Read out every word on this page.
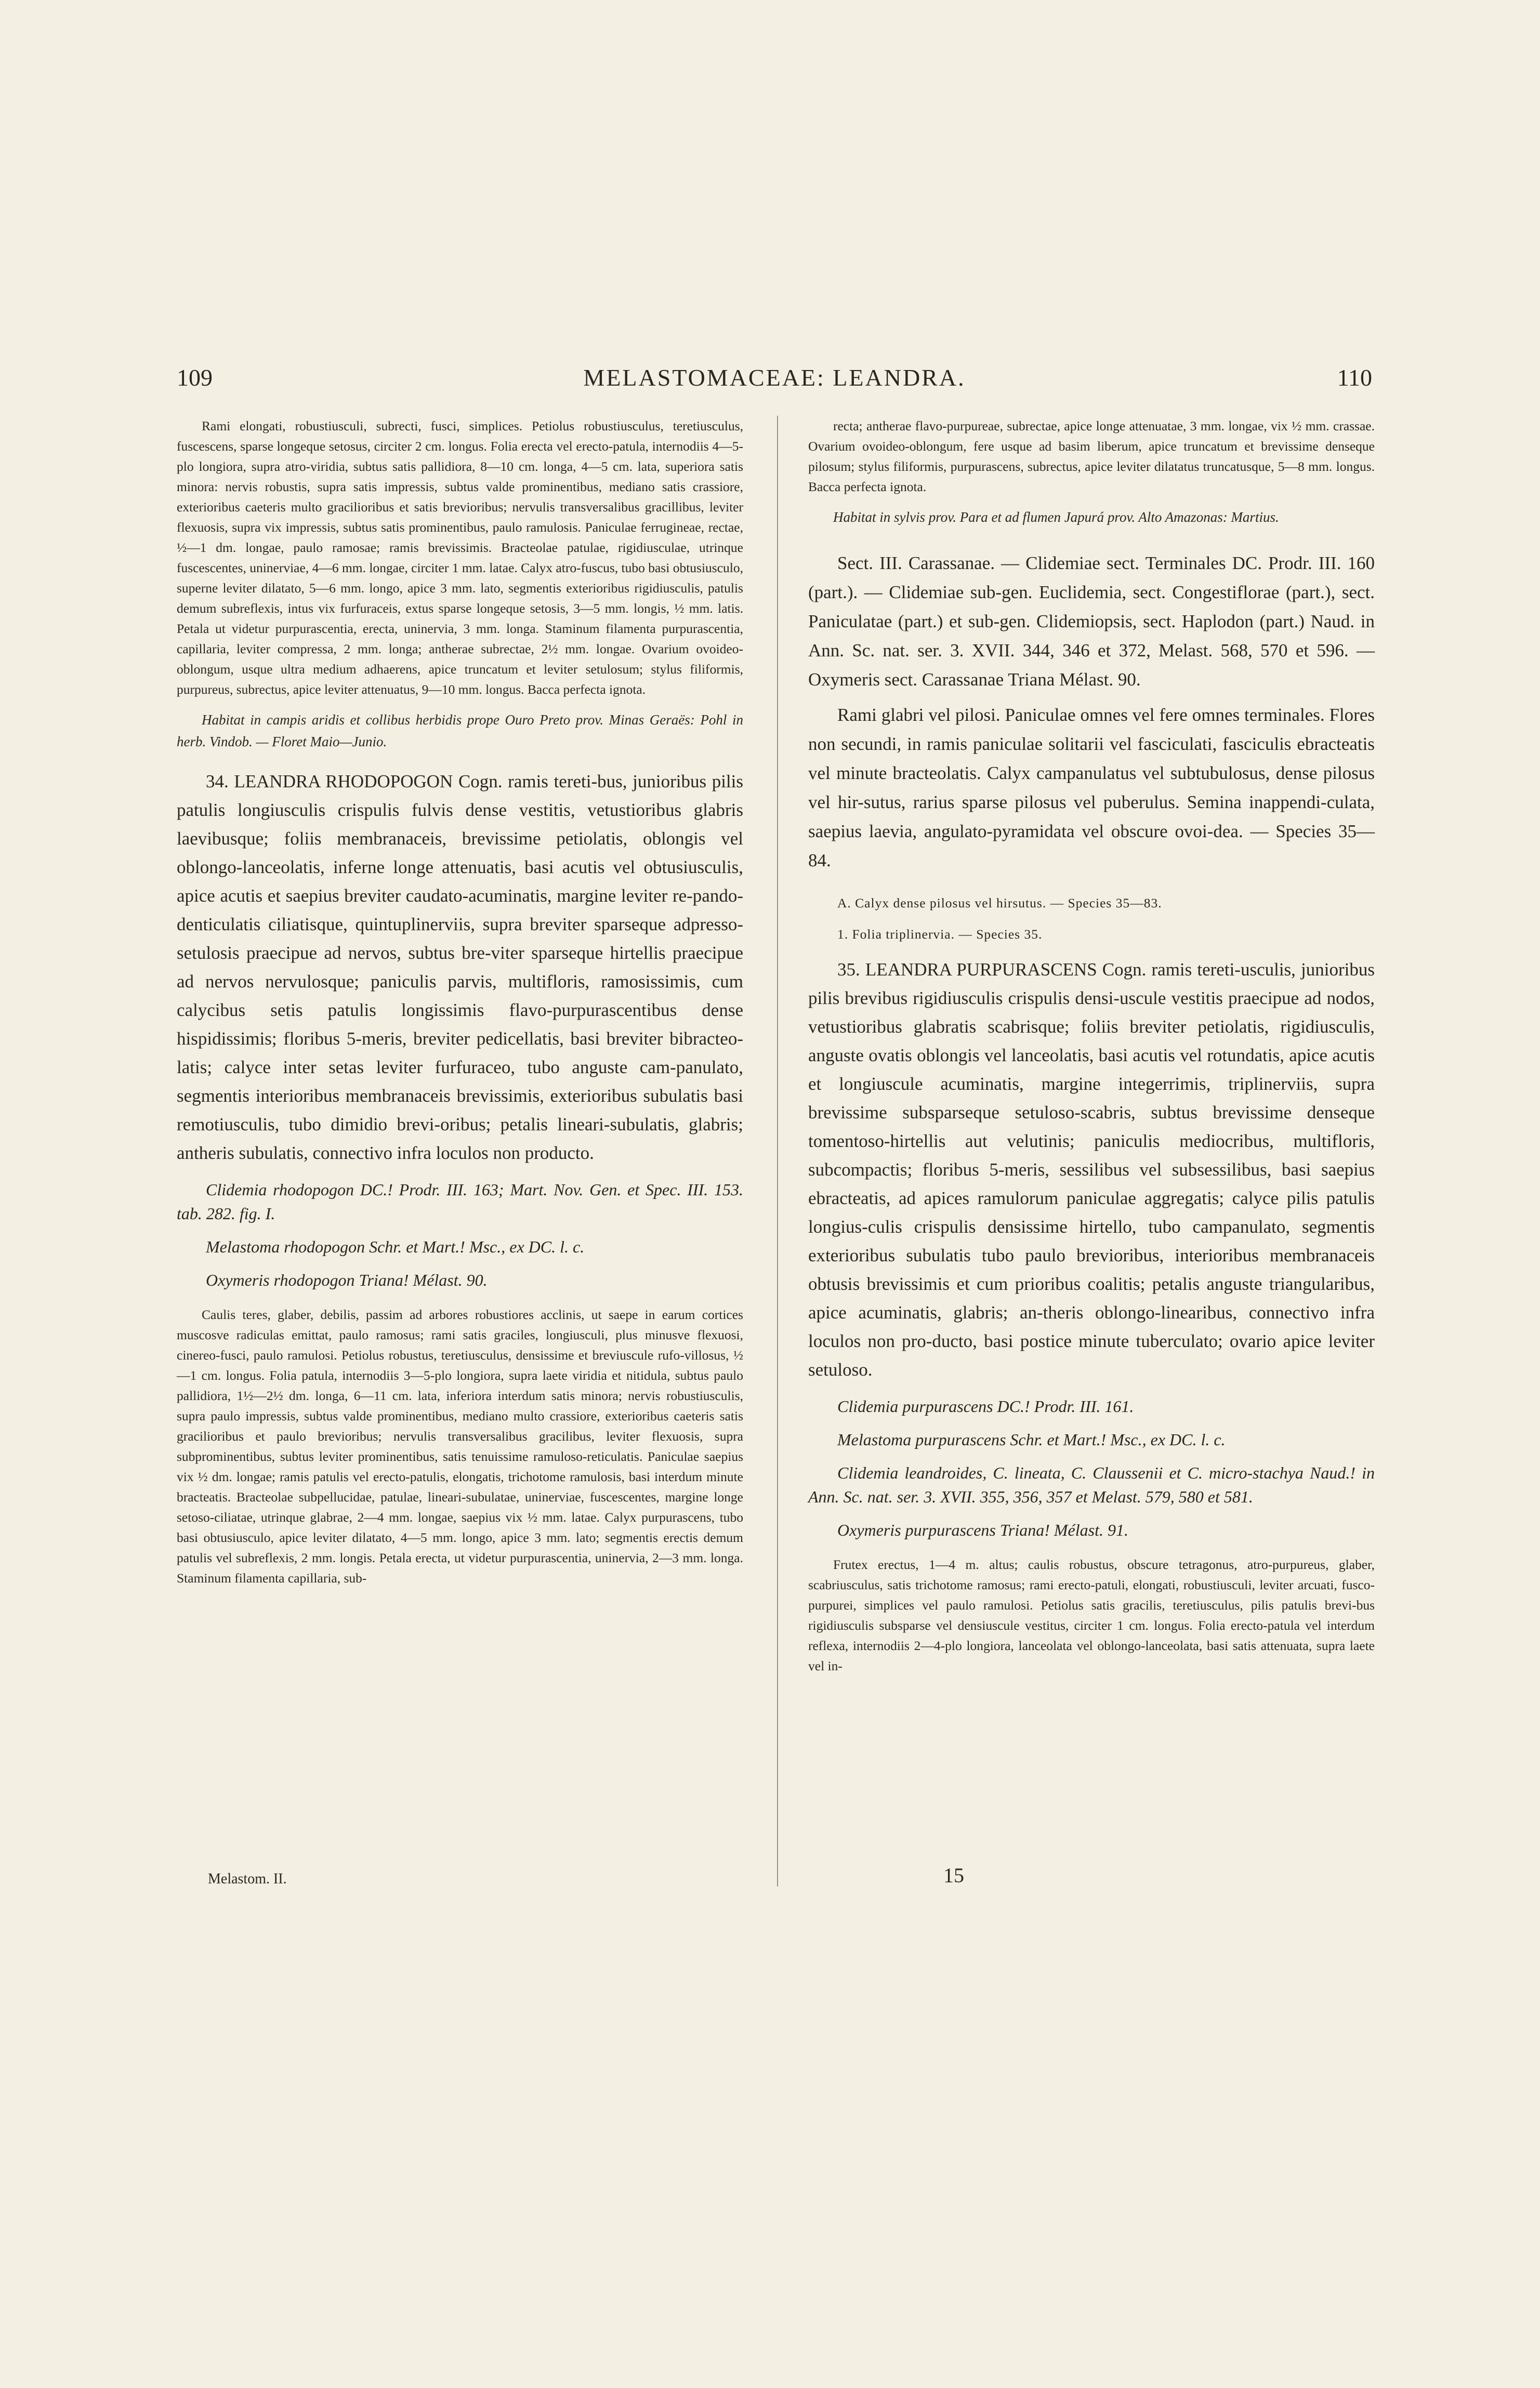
109	MELASTOMACEAE: LEANDRA.	110

Rami elongati, robustiusculi, subrecti, fusci, simplices. Petiolus robustiusculus, teretiusculus, fuscescens, sparse longeque setosus, circiter 2 cm. longus. Folia erecta vel erecto-patula, internodiis 4—5-plo longiora, supra atro-viridia, subtus satis pallidiora, 8—10 cm. longa, 4—5 cm. lata, superiora satis minora: nervis robustis, supra satis impressis, subtus valde prominentibus, mediano satis crassiore, exterioribus caeteris multo gracilioribus et satis brevioribus; nervulis transversalibus gracillibus, leviter flexuosis, supra vix impressis, subtus satis prominentibus, paulo ramulosis. Paniculae ferrugineae, rectae, ½—1 dm. longae, paulo ramosae; ramis brevissimis. Bracteolae patulae, rigidiusculae, utrinque fuscescentes, uninerviae, 4—6 mm. longae, circiter 1 mm. latae. Calyx atro-fuscus, tubo basi obtusiusculo, superne leviter dilatato, 5—6 mm. longo, apice 3 mm. lato, segmentis exterioribus rigidiusculis, patulis demum subreflexis, intus vix furfuraceis, extus sparse longeque setosis, 3—5 mm. longis, ½ mm. latis. Petala ut videtur purpurascentia, erecta, uninervia, 3 mm. longa. Staminum filamenta purpurascentia, capillaria, leviter compressa, 2 mm. longa; antherae subrectae, 2½ mm. longae. Ovarium ovoideo-oblongum, usque ultra medium adhaerens, apice truncatum et leviter setulosum; stylus filiformis, purpureus, subrectus, apice leviter attenuatus, 9—10 mm. longus. Bacca perfecta ignota.

Habitat in campis aridis et collibus herbidis prope Ouro Preto prov. Minas Geraës: Pohl in herb. Vindob. — Floret Maio—Junio.

34. LEANDRA RHODOPOGON Cogn. ramis tereti-bus, junioribus pilis patulis longiusculis crispulis fulvis dense vestitis, vetustioribus glabris laevibusque; foliis membranaceis, brevissime petiolatis, oblongis vel oblongo-lanceolatis, inferne longe attenuatis, basi acutis vel obtusiusculis, apice acutis et saepius breviter caudato-acuminatis, margine leviter re-pando-denticulatis ciliatisque, quintuplinerviis, supra breviter sparseque adpresso-setulosis praecipue ad nervos, subtus bre-viter sparseque hirtellis praecipue ad nervos nervulosque; paniculis parvis, multifloris, ramosissimis, cum calycibus setis patulis longissimis flavo-purpurascentibus dense hispidissimis; floribus 5-meris, breviter pedicellatis, basi breviter bibracteo-latis; calyce inter setas leviter furfuraceo, tubo anguste cam-panulato, segmentis interioribus membranaceis brevissimis, exterioribus subulatis basi remotiusculis, tubo dimidio brevi-oribus; petalis lineari-subulatis, glabris; antheris subulatis, connectivo infra loculos non producto.

Clidemia rhodopogon DC.! Prodr. III. 163; Mart. Nov. Gen. et Spec. III. 153. tab. 282. fig. I.

Melastoma rhodopogon Schr. et Mart.! Msc., ex DC. l. c.

Oxymeris rhodopogon Triana! Mélast. 90.

Caulis teres, glaber, debilis, passim ad arbores robustiores acclinis, ut saepe in earum cortices muscosve radiculas emittat, paulo ramosus; rami satis graciles, longiusculi, plus minusve flexuosi, cinereo-fusci, paulo ramulosi. Petiolus robustus, teretiusculus, densissime et breviuscule rufo-villosus, ½—1 cm. longus. Folia patula, internodiis 3—5-plo longiora, supra laete viridia et nitidula, subtus paulo pallidiora, 1½—2½ dm. longa, 6—11 cm. lata, inferiora interdum satis minora; nervis robustiusculis, supra paulo impressis, subtus valde prominentibus, mediano multo crassiore, exterioribus caeteris satis gracilioribus et paulo brevioribus; nervulis transversalibus gracilibus, leviter flexuosis, supra subprominentibus, subtus leviter prominentibus, satis tenuissime ramuloso-reticulatis. Paniculae saepius vix ½ dm. longae; ramis patulis vel erecto-patulis, elongatis, trichotome ramulosis, basi interdum minute bracteatis. Bracteolae subpellucidae, patulae, lineari-subulatae, uninerviae, fuscescentes, margine longe setoso-ciliatae, utrinque glabrae, 2—4 mm. longae, saepius vix ½ mm. latae. Calyx purpurascens, tubo basi obtusiusculo, apice leviter dilatato, 4—5 mm. longo, apice 3 mm. lato; segmentis erectis demum patulis vel subreflexis, 2 mm. longis. Petala erecta, ut videtur purpurascentia, uninervia, 2—3 mm. longa. Staminum filamenta capillaria, sub-

recta; antherae flavo-purpureae, subrectae, apice longe attenuatae, 3 mm. longae, vix ½ mm. crassae. Ovarium ovoideo-oblongum, fere usque ad basim liberum, apice truncatum et brevissime denseque pilosum; stylus filiformis, purpurascens, subrectus, apice leviter dilatatus truncatusque, 5—8 mm. longus. Bacca perfecta ignota.

Habitat in sylvis prov. Para et ad flumen Japurá prov. Alto Amazonas: Martius.

Sect. III. Carassanae. — Clidemiae sect. Terminales DC. Prodr. III. 160 (part.). — Clidemiae sub-gen. Euclidemia, sect. Congestiflorae (part.), sect. Paniculatae (part.) et sub-gen. Clidemiopsis, sect. Haplodon (part.) Naud. in Ann. Sc. nat. ser. 3. XVII. 344, 346 et 372, Melast. 568, 570 et 596. — Oxymeris sect. Carassanae Triana Mélast. 90.

Rami glabri vel pilosi. Paniculae omnes vel fere omnes terminales. Flores non secundi, in ramis paniculae solitarii vel fasciculati, fasciculis ebracteatis vel minute bracteolatis. Calyx campanulatus vel subtubulosus, dense pilosus vel hir-sutus, rarius sparse pilosus vel puberulus. Semina inappendi-culata, saepius laevia, angulato-pyramidata vel obscure ovoi-dea. — Species 35—84.

A. Calyx dense pilosus vel hirsutus. — Species 35—83.

1. Folia triplinervia. — Species 35.

35. LEANDRA PURPURASCENS Cogn. ramis tereti-usculis, junioribus pilis brevibus rigidiusculis crispulis densi-uscule vestitis praecipue ad nodos, vetustioribus glabratis scabrisque; foliis breviter petiolatis, rigidiusculis, anguste ovatis oblongis vel lanceolatis, basi acutis vel rotundatis, apice acutis et longiuscule acuminatis, margine integerrimis, triplinerviis, supra brevissime subsparseque setuloso-scabris, subtus brevissime denseque tomentoso-hirtellis aut velutinis; paniculis mediocribus, multifloris, subcompactis; floribus 5-meris, sessilibus vel subsessilibus, basi saepius ebracteatis, ad apices ramulorum paniculae aggregatis; calyce pilis patulis longius-culis crispulis densissime hirtello, tubo campanulato, segmentis exterioribus subulatis tubo paulo brevioribus, interioribus membranaceis obtusis brevissimis et cum prioribus coalitis; petalis anguste triangularibus, apice acuminatis, glabris; an-theris oblongo-linearibus, connectivo infra loculos non pro-ducto, basi postice minute tuberculato; ovario apice leviter setuloso.

Clidemia purpurascens DC.! Prodr. III. 161.

Melastoma purpurascens Schr. et Mart.! Msc., ex DC. l. c.

Clidemia leandroides, C. lineata, C. Claussenii et C. micro-stachya Naud.! in Ann. Sc. nat. ser. 3. XVII. 355, 356, 357 et Melast. 579, 580 et 581.

Oxymeris purpurascens Triana! Mélast. 91.

Frutex erectus, 1—4 m. altus; caulis robustus, obscure tetragonus, atro-purpureus, glaber, scabriusculus, satis trichotome ramosus; rami erecto-patuli, elongati, robustiusculi, leviter arcuati, fusco-purpurei, simplices vel paulo ramulosi. Petiolus satis gracilis, teretiusculus, pilis patulis brevi-bus rigidiusculis subsparse vel densiuscule vestitus, circiter 1 cm. longus. Folia erecto-patula vel interdum reflexa, internodiis 2—4-plo longiora, lanceolata vel oblongo-lanceolata, basi satis attenuata, supra laete vel in-

Melastom. II.	15
